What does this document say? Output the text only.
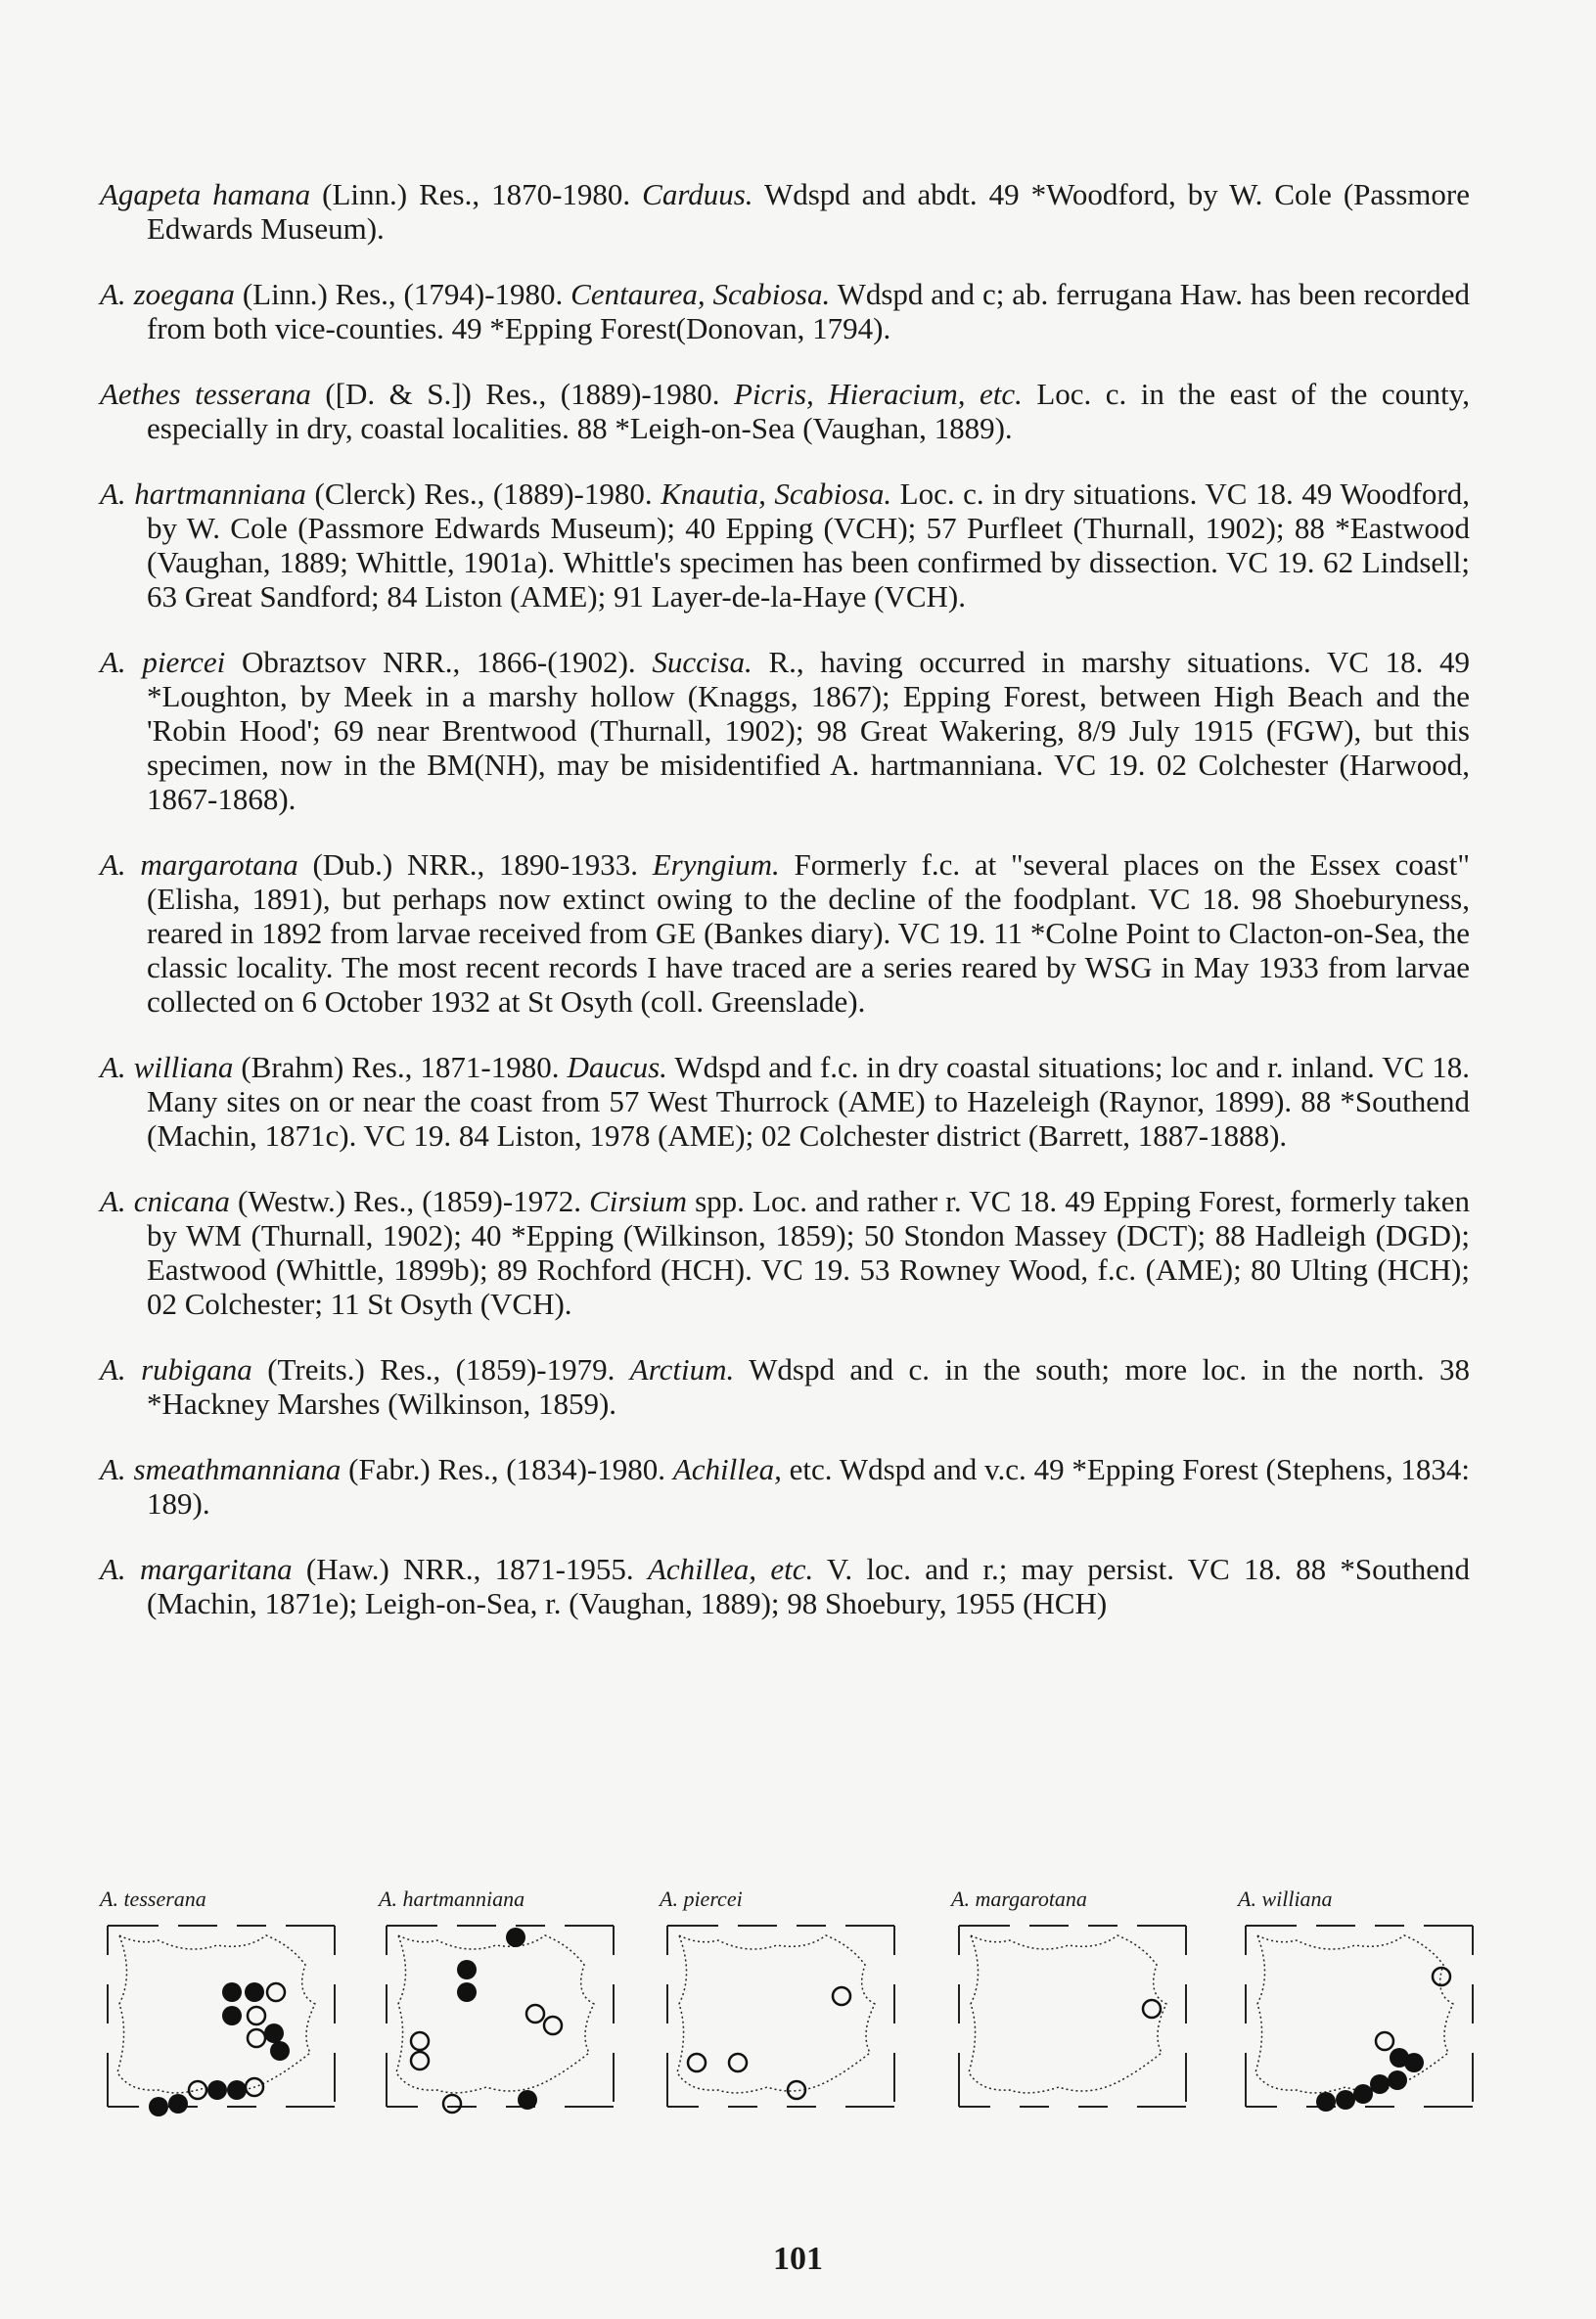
Agapeta hamana (Linn.) Res., 1870-1980. Carduus. Wdspd and abdt. 49 *Woodford, by W. Cole (Passmore Edwards Museum).

A. zoegana (Linn.) Res., (1794)-1980. Centaurea, Scabiosa. Wdspd and c; ab. ferrugana Haw. has been recorded from both vice-counties. 49 *Epping Forest(Donovan, 1794).

Aethes tesserana ([D. & S.]) Res., (1889)-1980. Picris, Hieracium, etc. Loc. c. in the east of the county, especially in dry, coastal localities. 88 *Leigh-on-Sea (Vaughan, 1889).

A. hartmanniana (Clerck) Res., (1889)-1980. Knautia, Scabiosa. Loc. c. in dry situations. VC 18. 49 Woodford, by W. Cole (Passmore Edwards Museum); 40 Epping (VCH); 57 Purfleet (Thurnall, 1902); 88 *Eastwood (Vaughan, 1889; Whittle, 1901a). Whittle's specimen has been confirmed by dissection. VC 19. 62 Lindsell; 63 Great Sandford; 84 Liston (AME); 91 Layer-de-la-Haye (VCH).

A. piercei Obraztsov NRR., 1866-(1902). Succisa. R., having occurred in marshy situations. VC 18. 49 *Loughton, by Meek in a marshy hollow (Knaggs, 1867); Epping Forest, between High Beach and the 'Robin Hood'; 69 near Brentwood (Thurnall, 1902); 98 Great Wakering, 8/9 July 1915 (FGW), but this specimen, now in the BM(NH), may be misidentified A. hartmanniana. VC 19. 02 Colchester (Harwood, 1867-1868).

A. margarotana (Dub.) NRR., 1890-1933. Eryngium. Formerly f.c. at "several places on the Essex coast" (Elisha, 1891), but perhaps now extinct owing to the decline of the foodplant. VC 18. 98 Shoeburyness, reared in 1892 from larvae received from GE (Bankes diary). VC 19. 11 *Colne Point to Clacton-on-Sea, the classic locality. The most recent records I have traced are a series reared by WSG in May 1933 from larvae collected on 6 October 1932 at St Osyth (coll. Greenslade).

A. williana (Brahm) Res., 1871-1980. Daucus. Wdspd and f.c. in dry coastal situations; loc and r. inland. VC 18. Many sites on or near the coast from 57 West Thurrock (AME) to Hazeleigh (Raynor, 1899). 88 *Southend (Machin, 1871c). VC 19. 84 Liston, 1978 (AME); 02 Colchester district (Barrett, 1887-1888).

A. cnicana (Westw.) Res., (1859)-1972. Cirsium spp. Loc. and rather r. VC 18. 49 Epping Forest, formerly taken by WM (Thurnall, 1902); 40 *Epping (Wilkinson, 1859); 50 Stondon Massey (DCT); 88 Hadleigh (DGD); Eastwood (Whittle, 1899b); 89 Rochford (HCH). VC 19. 53 Rowney Wood, f.c. (AME); 80 Ulting (HCH); 02 Colchester; 11 St Osyth (VCH).

A. rubigana (Treits.) Res., (1859)-1979. Arctium. Wdspd and c. in the south; more loc. in the north. 38 *Hackney Marshes (Wilkinson, 1859).

A. smeathmanniana (Fabr.) Res., (1834)-1980. Achillea, etc. Wdspd and v.c. 49 *Epping Forest (Stephens, 1834: 189).

A. margaritana (Haw.) NRR., 1871-1955. Achillea, etc. V. loc. and r.; may persist. VC 18. 88 *Southend (Machin, 1871e); Leigh-on-Sea, r. (Vaughan, 1889); 98 Shoebury, 1955 (HCH)

A. tesserana	A. hartmanniana	A. piercei	A. margarotana	A. williana
101
